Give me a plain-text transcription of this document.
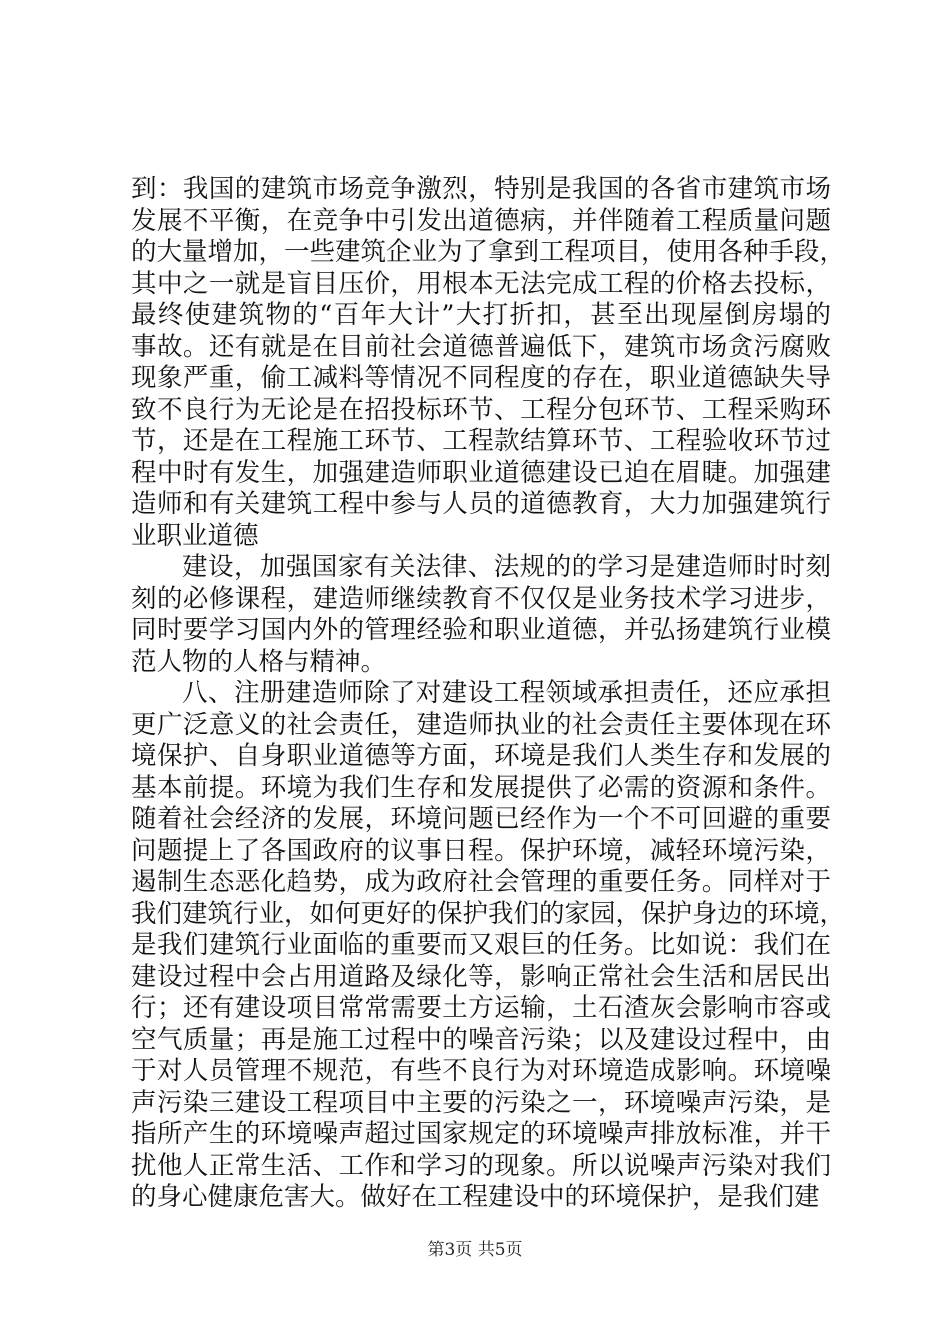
到：我国的建筑市场竞争激烈，特别是我国的各省市建筑市场
发展不平衡，在竞争中引发出道德病，并伴随着工程质量问题
的大量增加，一些建筑企业为了拿到工程项目，使用各种手段，
其中之一就是盲目压价，用根本无法完成工程的价格去投标，
最终使建筑物的“百年大计”大打折扣，甚至出现屋倒房塌的
事故。还有就是在目前社会道德普遍低下，建筑市场贪污腐败
现象严重，偷工减料等情况不同程度的存在，职业道德缺失导
致不良行为无论是在招投标环节、工程分包环节、工程采购环
节，还是在工程施工环节、工程款结算环节、工程验收环节过
程中时有发生，加强建造师职业道德建设已迫在眉睫。加强建
造师和有关建筑工程中参与人员的道德教育，大力加强建筑行
业职业道德
建设，加强国家有关法律、法规的的学习是建造师时时刻
刻的必修课程，建造师继续教育不仅仅是业务技术学习进步，
同时要学习国内外的管理经验和职业道德，并弘扬建筑行业模
范人物的人格与精神。
八、注册建造师除了对建设工程领域承担责任，还应承担
更广泛意义的社会责任，建造师执业的社会责任主要体现在环
境保护、自身职业道德等方面，环境是我们人类生存和发展的
基本前提。环境为我们生存和发展提供了必需的资源和条件。
随着社会经济的发展，环境问题已经作为一个不可回避的重要
问题提上了各国政府的议事日程。保护环境，减轻环境污染，
遏制生态恶化趋势，成为政府社会管理的重要任务。同样对于
我们建筑行业，如何更好的保护我们的家园，保护身边的环境，
是我们建筑行业面临的重要而又艰巨的任务。比如说：我们在
建设过程中会占用道路及绿化等，影响正常社会生活和居民出
行；还有建设项目常常需要土方运输，土石渣灰会影响市容或
空气质量；再是施工过程中的噪音污染；以及建设过程中，由
于对人员管理不规范，有些不良行为对环境造成影响。环境噪
声污染三建设工程项目中主要的污染之一，环境噪声污染，是
指所产生的环境噪声超过国家规定的环境噪声排放标准，并干
扰他人正常生活、工作和学习的现象。所以说噪声污染对我们
的身心健康危害大。做好在工程建设中的环境保护，是我们建
第3页 共5页
